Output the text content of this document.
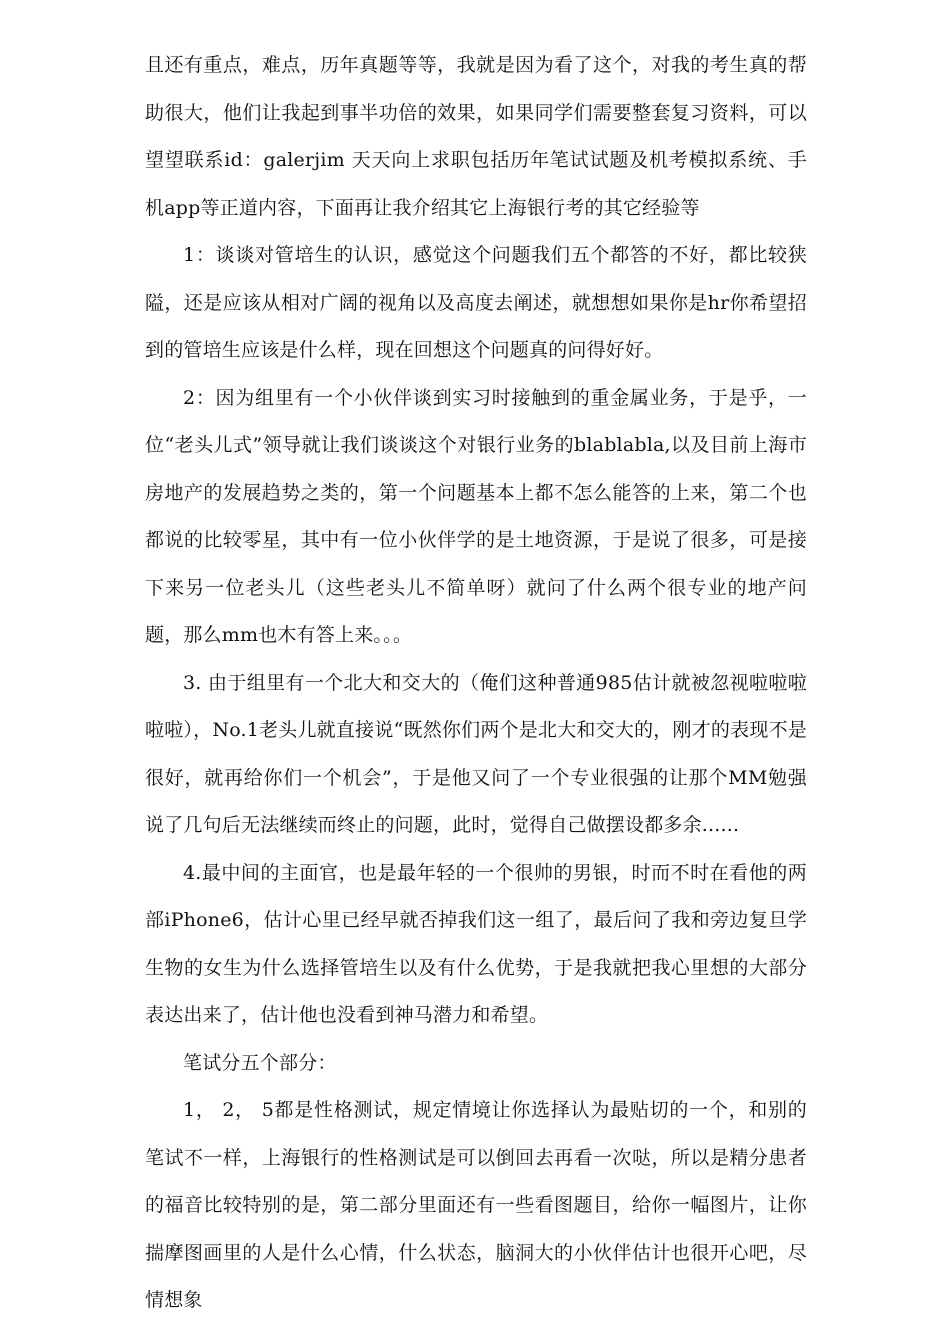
且还有重点，难点，历年真题等等，我就是因为看了这个，对我的考生真的帮助很大，他们让我起到事半功倍的效果，如果同学们需要整套复习资料，可以望望联系id：galerjim 天天向上求职包括历年笔试试题及机考模拟系统、手机app等正道内容，下面再让我介绍其它上海银行考的其它经验等

1：谈谈对管培生的认识，感觉这个问题我们五个都答的不好，都比较狭隘，还是应该从相对广阔的视角以及高度去阐述，就想想如果你是hr你希望招到的管培生应该是什么样，现在回想这个问题真的问得好好。

2：因为组里有一个小伙伴谈到实习时接触到的重金属业务，于是乎，一位“老头儿式”领导就让我们谈谈这个对银行业务的blablabla,以及目前上海市房地产的发展趋势之类的，第一个问题基本上都不怎么能答的上来，第二个也都说的比较零星，其中有一位小伙伴学的是土地资源，于是说了很多，可是接下来另一位老头儿（这些老头儿不简单呀）就问了什么两个很专业的地产问题，那么mm也木有答上来。。。

3. 由于组里有一个北大和交大的（俺们这种普通985估计就被忽视啦啦啦啦啦），No.1老头儿就直接说“既然你们两个是北大和交大的，刚才的表现不是很好，就再给你们一个机会”，于是他又问了一个专业很强的让那个MM勉强说了几句后无法继续而终止的问题，此时，觉得自己做摆设都多余......

4.最中间的主面官，也是最年轻的一个很帅的男银，时而不时在看他的两部iPhone6，估计心里已经早就否掉我们这一组了，最后问了我和旁边复旦学生物的女生为什么选择管培生以及有什么优势，于是我就把我心里想的大部分表达出来了，估计他也没看到神马潜力和希望。

笔试分五个部分：

1， 2， 5都是性格测试，规定情境让你选择认为最贴切的一个，和别的笔试不一样，上海银行的性格测试是可以倒回去再看一次哒，所以是精分患者的福音比较特别的是，第二部分里面还有一些看图题目，给你一幅图片，让你揣摩图画里的人是什么心情，什么状态，脑洞大的小伙伴估计也很开心吧，尽情想象
